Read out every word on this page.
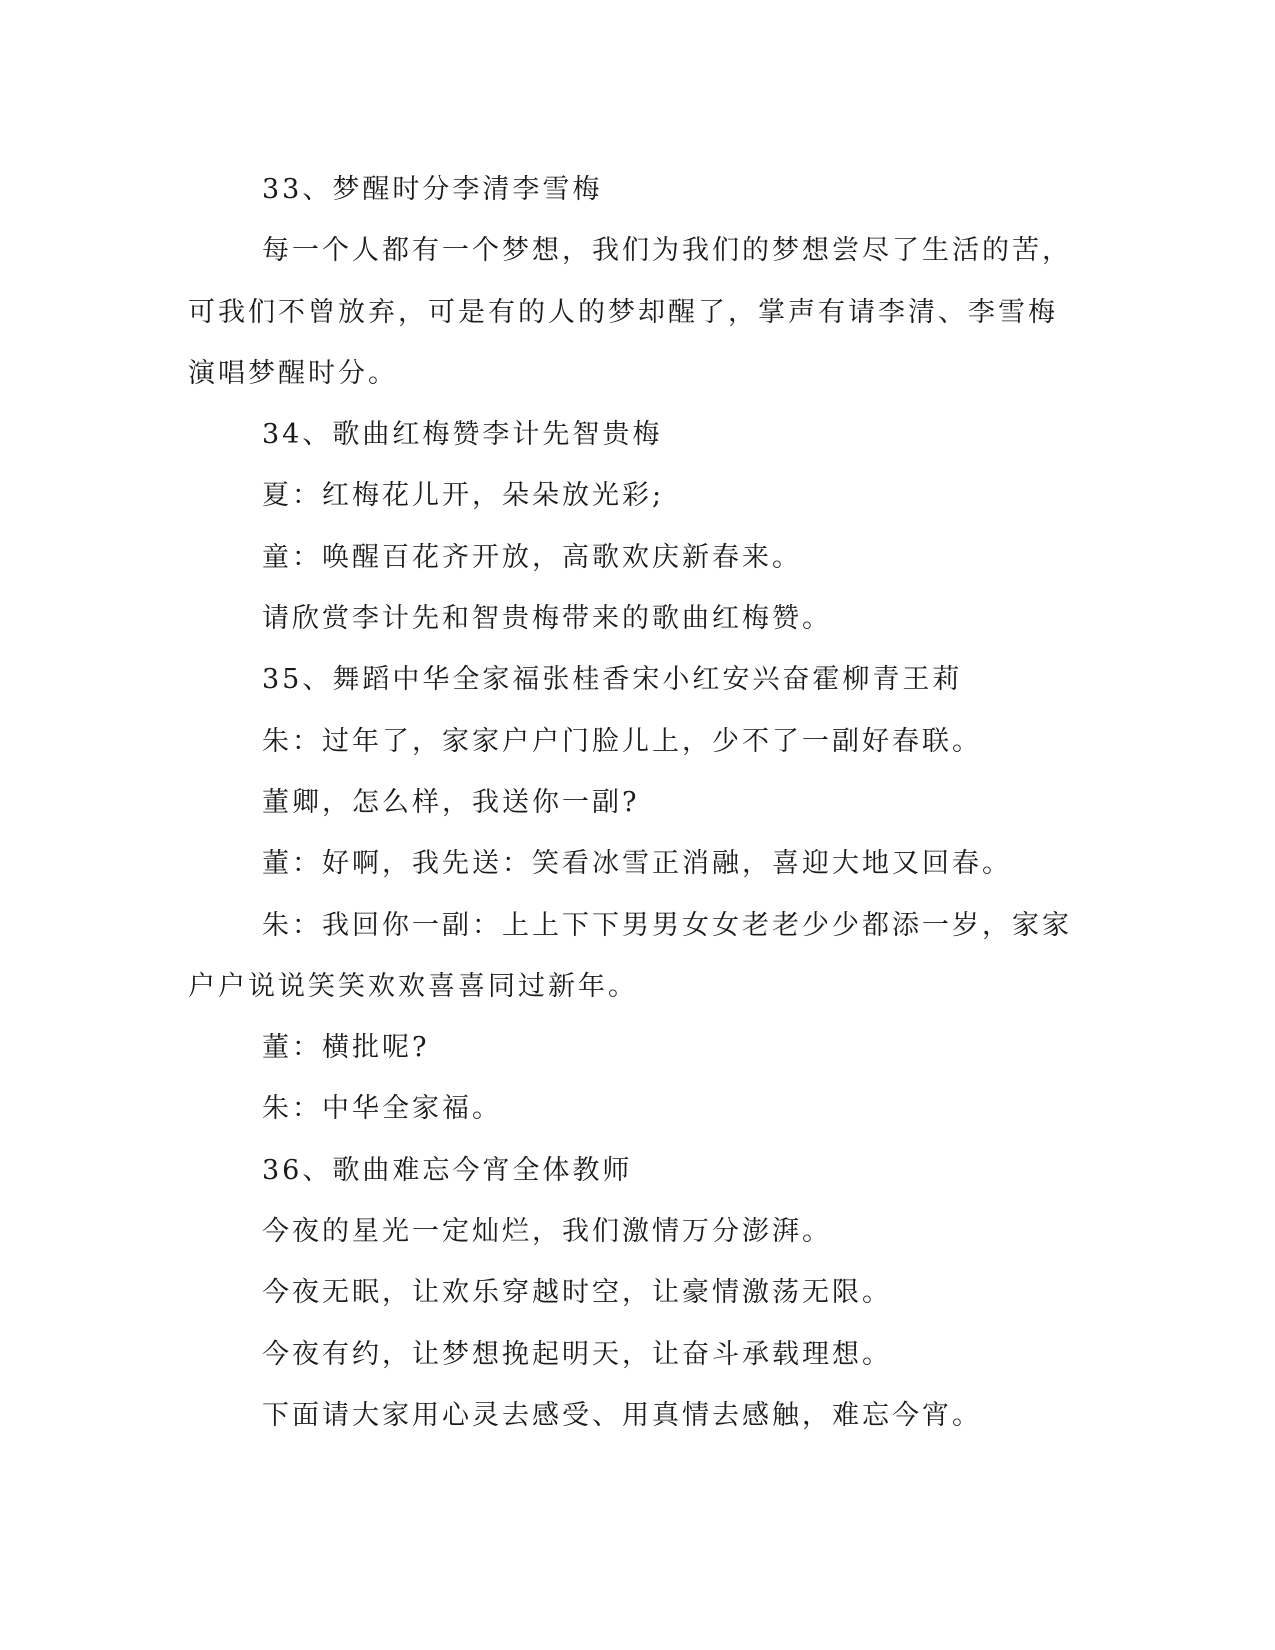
33、梦醒时分李清李雪梅

每一个人都有一个梦想，我们为我们的梦想尝尽了生活的苦，可我们不曾放弃，可是有的人的梦却醒了，掌声有请李清、李雪梅演唱梦醒时分。

34、歌曲红梅赞李计先智贵梅

夏：红梅花儿开，朵朵放光彩;

童：唤醒百花齐开放，高歌欢庆新春来。

请欣赏李计先和智贵梅带来的歌曲红梅赞。

35、舞蹈中华全家福张桂香宋小红安兴奋霍柳青王莉

朱：过年了，家家户户门脸儿上，少不了一副好春联。

董卿，怎么样，我送你一副?

董：好啊，我先送：笑看冰雪正消融，喜迎大地又回春。

朱：我回你一副：上上下下男男女女老老少少都添一岁，家家户户说说笑笑欢欢喜喜同过新年。

董：横批呢?

朱：中华全家福。

36、歌曲难忘今宵全体教师

今夜的星光一定灿烂，我们激情万分澎湃。

今夜无眠，让欢乐穿越时空，让豪情激荡无限。

今夜有约，让梦想挽起明天，让奋斗承载理想。

下面请大家用心灵去感受、用真情去感触，难忘今宵。
